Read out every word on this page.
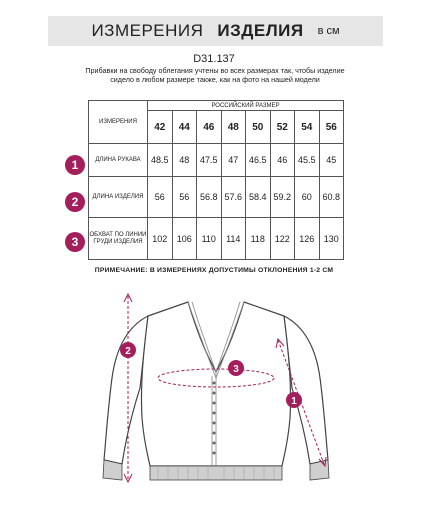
ИЗМЕРЕНИЯ ИЗДЕЛИЯ в см
D31.137
Прибавки на свободу облегания учтены во всех размерах так, чтобы изделие сидело в любом размере также, как на фото на нашей модели
ИЗМЕРЕНИЯ	РОССИЙСКИЙ РАЗМЕР							
	42	44	46	48	50	52	54	56
ДЛИНА РУКАВА	48.5	48	47.5	47	46.5	46	45.5	45
ДЛИНА ИЗДЕЛИЯ	56	56	56.8	57.6	58.4	59.2	60	60.8
ОБХВАТ ПО ЛИНИИ ГРУДИ ИЗДЕЛИЯ	102	106	110	114	118	122	126	130
1
2
3
ПРИМЕЧАНИЕ: В ИЗМЕРЕНИЯХ ДОПУСТИМЫ ОТКЛОНЕНИЯ 1-2 СМ
2
3
1
